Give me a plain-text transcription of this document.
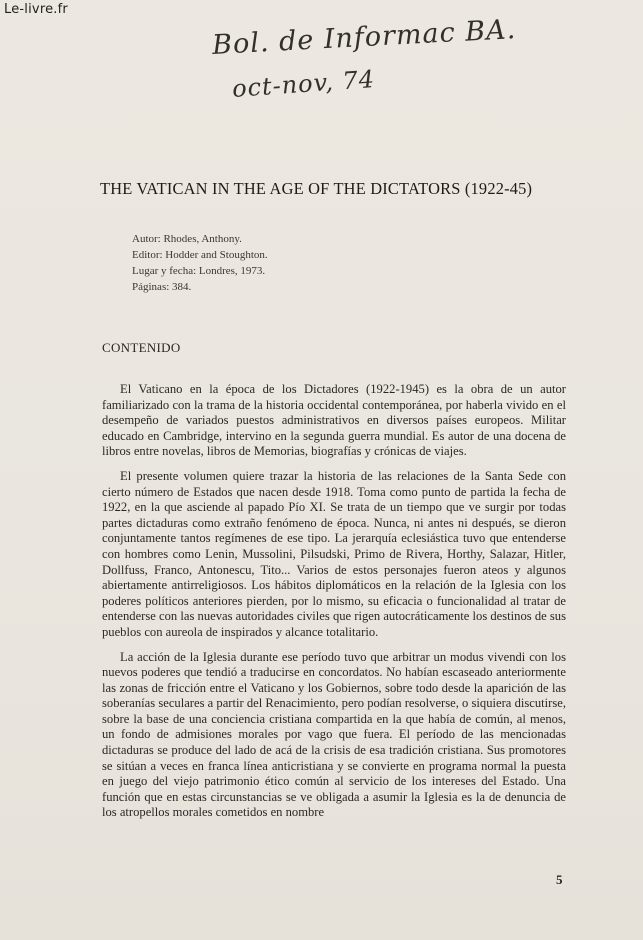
Le-livre.fr
Bol. de Informac BA.
oct-nov, 74
THE VATICAN IN THE AGE OF THE DICTATORS (1922-45)
Autor: Rhodes, Anthony.
Editor: Hodder and Stoughton.
Lugar y fecha: Londres, 1973.
Páginas: 384.
CONTENIDO

El Vaticano en la época de los Dictadores (1922-1945) es la obra de un autor familiarizado con la trama de la historia occidental contemporánea, por haberla vivido en el desempeño de variados puestos administrativos en diversos países europeos. Militar educado en Cambridge, intervino en la segunda guerra mundial. Es autor de una docena de libros entre novelas, libros de Memorias, biografías y crónicas de viajes.

El presente volumen quiere trazar la historia de las relaciones de la Santa Sede con cierto número de Estados que nacen desde 1918. Toma como punto de partida la fecha de 1922, en la que asciende al papado Pío XI. Se trata de un tiempo que ve surgir por todas partes dictaduras como extraño fenómeno de época. Nunca, ni antes ni después, se dieron conjuntamente tantos regímenes de ese tipo. La jerarquía eclesiástica tuvo que entenderse con hombres como Lenin, Mussolini, Pilsudski, Primo de Rivera, Horthy, Salazar, Hitler, Dollfuss, Franco, Antonescu, Tito... Varios de estos personajes fueron ateos y algunos abiertamente antirreligiosos. Los hábitos diplomáticos en la relación de la Iglesia con los poderes políticos anteriores pierden, por lo mismo, su eficacia o funcionalidad al tratar de entenderse con las nuevas autoridades civiles que rigen autocráticamente los destinos de sus pueblos con aureola de inspirados y alcance totalitario.

La acción de la Iglesia durante ese período tuvo que arbitrar un modus vivendi con los nuevos poderes que tendió a traducirse en concordatos. No habían escaseado anteriormente las zonas de fricción entre el Vaticano y los Gobiernos, sobre todo desde la aparición de las soberanías seculares a partir del Renacimiento, pero podían resolverse, o siquiera discutirse, sobre la base de una conciencia cristiana compartida en la que había de común, al menos, un fondo de admisiones morales por vago que fuera. El período de las mencionadas dictaduras se produce del lado de acá de la crisis de esa tradición cristiana. Sus promotores se sitúan a veces en franca línea anticristiana y se convierte en programa normal la puesta en juego del viejo patrimonio ético común al servicio de los intereses del Estado. Una función que en estas circunstancias se ve obligada a asumir la Iglesia es la de denuncia de los atropellos morales cometidos en nombre

5
